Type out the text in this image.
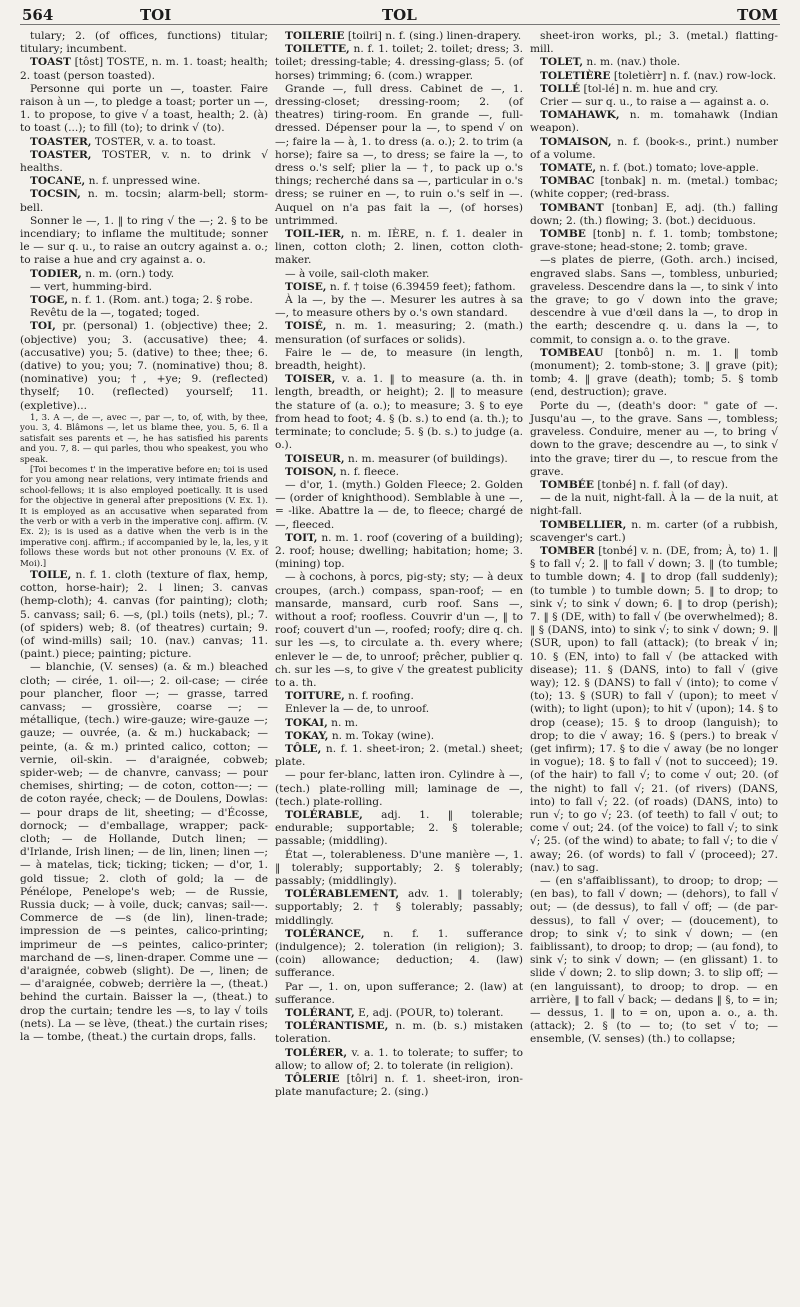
564	TOI	TOL	TOM

tulary; 2. (of offices, functions) titular; titulary; incumbent.

TOAST [tôst] TOSTE, n. m. 1. toast; health; 2. toast (person toasted).

Personne qui porte un —, toaster. Faire raison à un —, to pledge a toast; porter un —, 1. to propose, to give √ a toast, health; 2. (à) to toast (...); to fill (to); to drink √ (to).

TOASTER, TOSTER, v. a. to toast.

TOASTER, TOSTER, v. n. to drink √ healths.

TOCANE, n. f. unpressed wine.

TOCSIN, n. m. tocsin; alarm-bell; storm-bell.

Sonner le —, 1. ‖ to ring √ the —; 2. § to be incendiary; to inflame the multitude; sonner le — sur q. u., to raise an outcry against a. o.; to raise a hue and cry against a. o.

TODIER, n. m. (orn.) tody.

— vert, humming-bird.

TOGE, n. f. 1. (Rom. ant.) toga; 2. § robe.

Revêtu de la —, togated; toged.

TOI, pr. (personal) 1. (objective) thee; 2. (objective) you; 3. (accusative) thee; 4. (accusative) you; 5. (dative) to thee; thee; 6. (dative) to you; you; 7. (nominative) thou; 8. (nominative) you; †, +ye; 9. (reflected) thyself; 10. (reflected) yourself; 11. (expletive)...

1, 3. A —, de —, avec —, par —, to, of, with, by thee, you. 3, 4. Blâmons —, let us blame thee, you. 5, 6. Il a satisfait ses parents et —, he has satisfied his parents and you. 7, 8. — qui parles, thou who speakest, you who speak.

[Toi becomes t' in the imperative before en; toi is used for you among near relations, very intimate friends and school-fellows; it is also employed poetically. It is used for the objective in general after prepositions (V. Ex. 1). It is employed as an accusative when separated from the verb or with a verb in the imperative conj. affirm. (V. Ex. 2); is is used as a dative when the verb is in the imperative conj. affirm.; if accompanied by le, la, les, y it follows these words but not other pronouns (V. Ex. of Moi).]

TOILE, n. f. 1. cloth (texture of flax, hemp, cotton, horse-hair); 2. ↓ linen; 3. canvas (hemp-cloth); 4. canvas (for painting); cloth; 5. canvass; sail; 6. —s, (pl.) toils (nets), pl.; 7. (of spiders) web; 8. (of theatres) curtain; 9. (of wind-mills) sail; 10. (nav.) canvas; 11. (paint.) piece; painting; picture.

— blanchie, (V. senses) (a. & m.) bleached cloth; — cirée, 1. oil-—; 2. oil-case; — cirée pour plancher, floor —; — grasse, tarred canvass; — grossière, coarse —; — métallique, (tech.) wire-gauze; wire-gauze —; gauze; — ouvrée, (a. & m.) huckaback; — peinte, (a. & m.) printed calico, cotton; — vernie, oil-skin. — d'araignée, cobweb; spider-web; — de chanvre, canvass; — pour chemises, shirting; — de coton, cotton-—; — de coton rayée, check; — de Doulens, Dowlas: — pour draps de lit, sheeting; — d'Écosse, dornock; — d'emballage, wrapper; pack-cloth; — de Hollande, Dutch linen; — d'Irlande, Irish linen; — de lin, linen; linen —; — à matelas, tick; ticking; ticken; — d'or, 1. gold tissue; 2. cloth of gold; la — de Pénélope, Penelope's web; — de Russie, Russia duck; — à voile, duck; canvas; sail-—. Commerce de —s (de lin), linen-trade; impression de —s peintes, calico-printing; imprimeur de —s peintes, calico-printer; marchand de —s, linen-draper. Comme une — d'araignée, cobweb (slight). De —, linen; de — d'araignée, cobweb; derrière la —, (theat.) behind the curtain. Baisser la —, (theat.) to drop the curtain; tendre les —s, to lay √ toils (nets). La — se lève, (theat.) the curtain rises; la — tombe, (theat.) the curtain drops, falls.

TOILERIE [toilri] n. f. (sing.) linen-drapery.

TOILETTE, n. f. 1. toilet; 2. toilet; dress; 3. toilet; dressing-table; 4. dressing-glass; 5. (of horses) trimming; 6. (com.) wrapper.

Grande —, full dress. Cabinet de —, 1. dressing-closet; dressing-room; 2. (of theatres) tiring-room. En grande —, full-dressed. Dépenser pour la —, to spend √ on —; faire la — à, 1. to dress (a. o.); 2. to trim (a horse); faire sa —, to dress; se faire la —, to dress o.'s self; plier la — †, to pack up o.'s things; recherché dans sa —, particular in o.'s dress; se ruiner en —, to ruin o.'s self in —. Auquel on n'a pas fait la —, (of horses) untrimmed.

TOIL-IER, n. m. IÈRE, n. f. 1. dealer in linen, cotton cloth; 2. linen, cotton cloth-maker.

— à voile, sail-cloth maker.

TOISE, n. f. † toise (6.39459 feet); fathom.

À la —, by the —. Mesurer les autres à sa —, to measure others by o.'s own standard.

TOISÉ, n. m. 1. measuring; 2. (math.) mensuration (of surfaces or solids).

Faire le — de, to measure (in length, breadth, height).

TOISER, v. a. 1. ‖ to measure (a. th. in length, breadth, or height); 2. ‖ to measure the stature of (a. o.); to measure; 3. § to eye from head to foot; 4. § (b. s.) to end (a. th.); to terminate; to conclude; 5. § (b. s.) to judge (a. o.).

TOISEUR, n. m. measurer (of buildings).

TOISON, n. f. fleece.

— d'or, 1. (myth.) Golden Fleece; 2. Golden — (order of knighthood). Semblable à une —, = -like. Abattre la — de, to fleece; chargé de —, fleeced.

TOIT, n. m. 1. roof (covering of a building); 2. roof; house; dwelling; habitation; home; 3. (mining) top.

— à cochons, à porcs, pig-sty; sty; — à deux croupes, (arch.) compass, span-roof; — en mansarde, mansard, curb roof. Sans —, without a roof; roofless. Couvrir d'un —, ‖ to roof; couvert d'un —, roofed; roofy; dire q. ch. sur les —s, to circulate a. th. every where; enlever le — de, to unroof; prêcher, publier q. ch. sur les —s, to give √ the greatest publicity to a. th.

TOITURE, n. f. roofing.

Enlever la — de, to unroof.

TOKAI, n. m.

TOKAY, n. m. Tokay (wine).

TÔLE, n. f. 1. sheet-iron; 2. (metal.) sheet; plate.

— pour fer-blanc, latten iron. Cylindre à —, (tech.) plate-rolling mill; laminage de —, (tech.) plate-rolling.

TOLÉRABLE, adj. 1. ‖ tolerable; endurable; supportable; 2. § tolerable; passable; (middling).

État —, tolerableness. D'une manière —, 1. ‖ tolerably; supportably; 2. § tolerably; passably; (middlingly).

TOLÉRABLEMENT, adv. 1. ‖ tolerably; supportably; 2. † § tolerably; passably; middlingly.

TOLÉRANCE, n. f. 1. sufferance (indulgence); 2. toleration (in religion); 3. (coin) allowance; deduction; 4. (law) sufferance.

Par —, 1. on, upon sufferance; 2. (law) at sufferance.

TOLÉRANT, E, adj. (POUR, to) tolerant.

TOLÉRANTISME, n. m. (b. s.) mistaken toleration.

TOLÉRER, v. a. 1. to tolerate; to suffer; to allow; to allow of; 2. to tolerate (in religion).

TÔLERIE [tôlri] n. f. 1. sheet-iron, iron-plate manufacture; 2. (sing.)

sheet-iron works, pl.; 3. (metal.) flatting-mill.

TOLET, n. m. (nav.) thole.

TOLETIÈRE [toletièrr] n. f. (nav.) row-lock.

TOLLÉ [tol-lé] n. m. hue and cry.

Crier — sur q. u., to raise a — against a. o.

TOMAHAWK, n. m. tomahawk (Indian weapon).

TOMAISON, n. f. (book-s., print.) number of a volume.

TOMATE, n. f. (bot.) tomato; love-apple.

TOMBAC [tonbak] n. m. (metal.) tombac; (white copper; (red-brass.

TOMBANT [tonban] E, adj. (th.) falling down; 2. (th.) flowing; 3. (bot.) deciduous.

TOMBE [tonb] n. f. 1. tomb; tombstone; grave-stone; head-stone; 2. tomb; grave.

—s plates de pierre, (Goth. arch.) incised, engraved slabs. Sans —, tombless, unburied; graveless. Descendre dans la —, to sink √ into the grave; to go √ down into the grave; descendre à vue d'œil dans la —, to drop in the earth; descendre q. u. dans la —, to commit, to consign a. o. to the grave.

TOMBEAU [tonbô] n. m. 1. ‖ tomb (monument); 2. tomb-stone; 3. ‖ grave (pit); tomb; 4. ‖ grave (death); tomb; 5. § tomb (end, destruction); grave.

Porte du —, (death's door: " gate of —. Jusqu'au —, to the grave. Sans —, tombless; graveless. Conduire, mener au —, to bring √ down to the grave; descendre au —, to sink √ into the grave; tirer du —, to rescue from the grave.

TOMBÉE [tonbé] n. f. fall (of day).

— de la nuit, night-fall. À la — de la nuit, at night-fall.

TOMBELLIER, n. m. carter (of a rubbish, scavenger's cart.)

TOMBER [tonbé] v. n. (DE, from; À, to) 1. ‖ § to fall √; 2. ‖ to fall √ down; 3. ‖ (to tumble; to tumble down; 4. ‖ to drop (fall suddenly); (to tumble ) to tumble down; 5. ‖ to drop; to sink √; to sink √ down; 6. ‖ to drop (perish); 7. ‖ § (DE, with) to fall √ (be overwhelmed); 8. ‖ § (DANS, into) to sink √; to sink √ down; 9. ‖ (SUR, upon) to fall (attack); (to break √ in; 10. § (EN, into) to fall √ (be attacked with disease); 11. § (DANS, into) to fall √ (give way); 12. § (DANS) to fall √ (into); to come √ (to); 13. § (SUR) to fall √ (upon); to meet √ (with); to light (upon); to hit √ (upon); 14. § to drop (cease); 15. § to droop (languish); to drop; to die √ away; 16. § (pers.) to break √ (get infirm); 17. § to die √ away (be no longer in vogue); 18. § to fall √ (not to succeed); 19. (of the hair) to fall √; to come √ out; 20. (of the night) to fall √; 21. (of rivers) (DANS, into) to fall √; 22. (of roads) (DANS, into) to run √; to go √; 23. (of teeth) to fall √ out; to come √ out; 24. (of the voice) to fall √; to sink √; 25. (of the wind) to abate; to fall √; to die √ away; 26. (of words) to fall √ (proceed); 27. (nav.) to sag.

— (en s'affaiblissant), to droop; to drop; — (en bas), to fall √ down; — (dehors), to fall √ out; — (de dessus), to fall √ off; — (de par-dessus), to fall √ over; — (doucement), to drop; to sink √; to sink √ down; — (en faiblissant), to droop; to drop; — (au fond), to sink √; to sink √ down; — (en glissant) 1. to slide √ down; 2. to slip down; 3. to slip off; — (en languissant), to droop; to drop. — en arrière, ‖ to fall √ back; — dedans ‖ §, to = in; — dessus, 1. ‖ to = on, upon a. o., a. th. (attack); 2. § (to — to; (to set √ to; — ensemble, (V. senses) (th.) to collapse;
